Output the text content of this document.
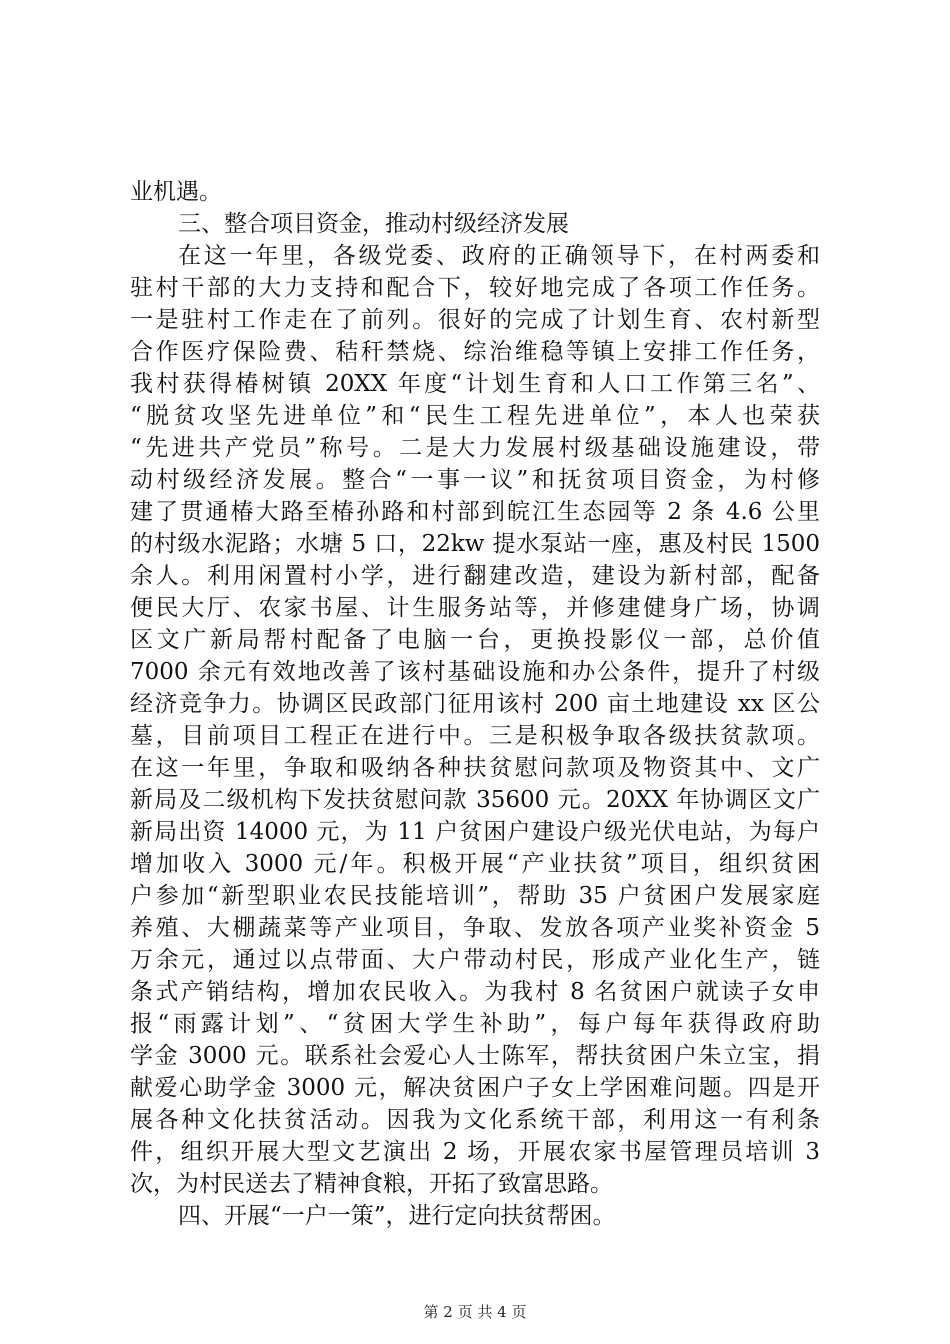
业机遇。
三、整合项目资金，推动村级经济发展
在这一年里，各级党委、政府的正确领导下，在村两委和
驻村干部的大力支持和配合下，较好地完成了各项工作任务。
一是驻村工作走在了前列。很好的完成了计划生育、农村新型
合作医疗保险费、秸秆禁烧、综治维稳等镇上安排工作任务，
我村获得椿树镇 20XX 年度“计划生育和人口工作第三名”、
“脱贫攻坚先进单位”和“民生工程先进单位”，本人也荣获
“先进共产党员”称号。二是大力发展村级基础设施建设，带
动村级经济发展。整合“一事一议”和抚贫项目资金，为村修
建了贯通椿大路至椿孙路和村部到皖江生态园等 2 条 4.6 公里
的村级水泥路；水塘 5 口，22kw 提水泵站一座，惠及村民 1500
余人。利用闲置村小学，进行翻建改造，建设为新村部，配备
便民大厅、农家书屋、计生服务站等，并修建健身广场，协调
区文广新局帮村配备了电脑一台，更换投影仪一部，总价值
7000 余元有效地改善了该村基础设施和办公条件，提升了村级
经济竞争力。协调区民政部门征用该村 200 亩土地建设 xx 区公
墓，目前项目工程正在进行中。三是积极争取各级扶贫款项。
在这一年里，争取和吸纳各种扶贫慰问款项及物资其中、文广
新局及二级机构下发扶贫慰问款 35600 元。20XX 年协调区文广
新局出资 14000 元，为 11 户贫困户建设户级光伏电站，为每户
增加收入 3000 元/年。积极开展“产业扶贫”项目，组织贫困
户参加“新型职业农民技能培训”，帮助 35 户贫困户发展家庭
养殖、大棚蔬菜等产业项目，争取、发放各项产业奖补资金 5
万余元，通过以点带面、大户带动村民，形成产业化生产，链
条式产销结构，增加农民收入。为我村 8 名贫困户就读子女申
报“雨露计划”、“贫困大学生补助”，每户每年获得政府助
学金 3000 元。联系社会爱心人士陈军，帮扶贫困户朱立宝，捐
献爱心助学金 3000 元，解决贫困户子女上学困难问题。四是开
展各种文化扶贫活动。因我为文化系统干部，利用这一有利条
件，组织开展大型文艺演出 2 场，开展农家书屋管理员培训 3
次，为村民送去了精神食粮，开拓了致富思路。
四、开展“一户一策”，进行定向扶贫帮困。
第 2 页 共 4 页
